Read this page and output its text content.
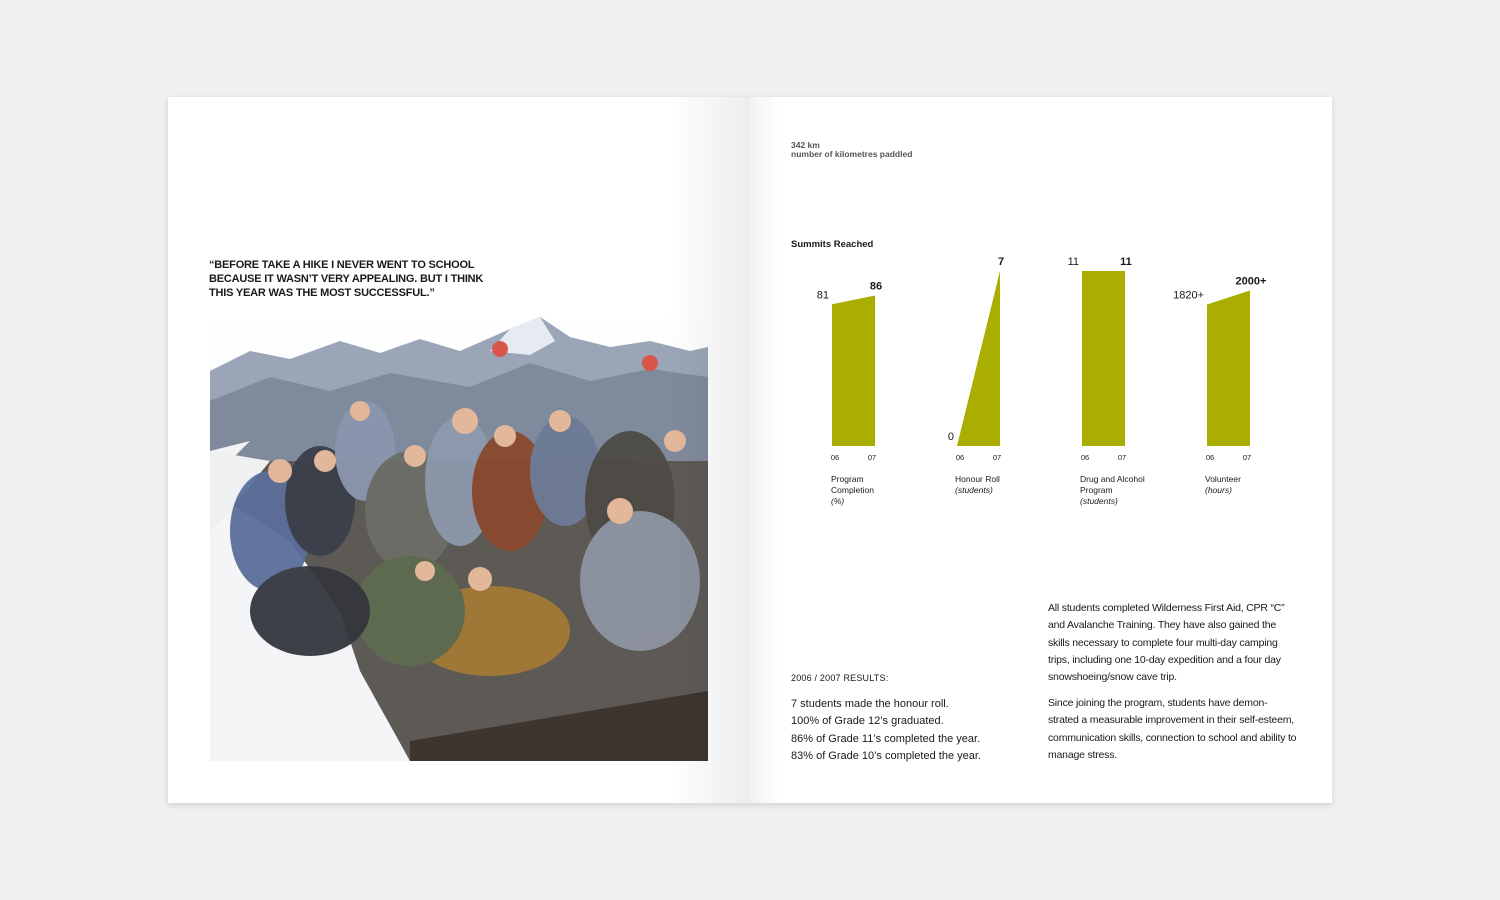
“BEFORE TAKE A HIKE I NEVER WENT TO SCHOOL BECAUSE IT WASN’T VERY APPEALING. BUT I THINK THIS YEAR WAS THE MOST SUCCESSFUL.”
342 km
number of kilometres paddled
Summits Reached
81
86
06	07
0
7
06	07
11	11
06	07
1820+
2000+
06	07
Program Completion
(%)
Honour Roll
(students)
Drug and Alcohol Program
(students)
Volunteer
(hours)
2006 / 2007 RESULTS:
7 students made the honour roll.
100% of Grade 12’s graduated.
86% of Grade 11’s completed the year.
83% of Grade 10’s completed the year.
All students completed Wilderness First Aid, CPR “C” and Avalanche Training. They have also gained the skills necessary to complete four multi-day camping trips, including one 10-day expedition and a four day snowshoeing/snow cave trip.
Since joining the program, students have demon-strated a measurable improvement in their self-esteem, communication skills, connection to school and ability to manage stress.
